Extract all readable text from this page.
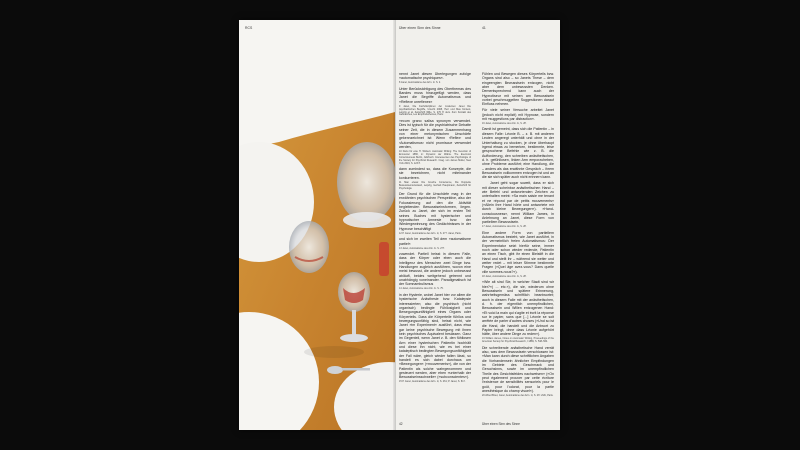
RCS	Über einen Sinn des Sinne	41

nennt Janet diesen Überlegungen zufolge »automatische psychiques«.

8 Janet, Automatisme des Artn. 1i. S. 2.

Unter Berücksichtigung des Oberthemas des Bandes muss hinzugefügt werden, dass Janet die Begriffe Automatismus und »Reflexe unreflexes«

9 Janet, Die Fachdisziplinen der modernen Janet Die psychiatrischen Begriffe, Utrecht 2008, Herr und Mas Kontext, Leipzig et al. Zeitschrift Wille, S. 276 ff; ders. Zum Kontakt des Gebrauches, Les Empfindschemes, Paris.

»ecum grano salisa synonym verwendet. Dies ist typisch für die psychiatrische Debatte seiner Zeit, die in diesem Zusammenhang von einer metonymischen Unschärfe gekennzeichnet ist: Wenn ›Reflex‹ und ›Automatismus‹ nicht promiscue verwendet werden,

10 Dazu für eine H. Wickert. Automatic Writing: The Invention of Encounter 1880, in: Dynamic der Wahre. The Evermost Consciousness Berlin, Jahrbuch. Interessenten des Psychologie of the Society for Psychical Research. Imag. von James Muller, New York 2019, S. 123 ff.

dann zumindest so, dass die Konzepte, die sie bezeichnen, nicht miteinander konkurrieren.

11 Man etwas: Die Couche Conscience, Die Doppelte Bewusstseinszustand, Leipzig, Gerhart Hauptmann, Zeitschrift für Psychologie

Der Grund für die Unschärfe mag in der erwähnten psychischen Perspektive, also der Fokussierung auf den die Aktivität begleitenden Bewusstseinsformen, liegen. Zurück zu Janet, der sich im ersten Teil seines Buches mit hysterischer und hypnotischer Amnesie bzw. der Wiedergewinnung des Gedächtnisses in der Hypnose beschäftigt

12 P. Janet, Automatisme des Artn. 1i, S. 277. Janet, Paris.

und sich im zweiten Teil dem »automatisme partiel«

13 Janet, Automatisme des Artn. 1i. S. 277.

zuwendet. Partiell heisst in diesem Falle, dass der Körper oder eben auch die Intelligenz des Menschen zwei Dinge bzw. Handlungen zugleich ausführen, wovon eine meist bewusst, die andere jedoch unbewusst abläuft, beides weitgehend getrennt und unabhängig voneinander. Paradigmatisch ist der Somnambulismus

14 Janet, Automatisme des Artn. 1i. S. 75.

in der Hysterie, wobei Janet hier vor allem die hysterische Anästhesie bzw. Katalepsie interessierten; also die psychisch (nicht organisch) bedingte Fühllosigkeit und Bewegungsunfähigkeit eines Organs oder Körperteils. Dass die Körperteile fühllos und bewegungsunfähig sind, heisst nicht, wie Janet »im Experiment« ausführt, dass etwa gar keine psychische Bewegung mit ihnen kein psychisches Äquivalent besässen. Ganz im Gegenteil, wenn Janet z. B. den fühllosen Arm einer hysterischen Patientin hochhält und diese ihn nicht, wie es bei einer kataleptisch bedingten Bewegungsunfähigkeit der Fall wäre, gleich wieder fallen lässt, so handelt es sich dabei durchaus um »Bewegungen« (»mouvements«), die von der Patientin als solche wahrgenommen und gesteuert werden, aber eben »unterhalb der Bewusstseinsschwelle« (»subconscientes«).

15 P. Janet, Automatisme des Artn. 1i, S. 261; P. Janet, S. 84 f.

Fühlen und Bewegen dieses Körperteils bzw. Organs sind also – so Janets These – dem eingeengten Bewusstsein entzogen, nicht aber dem unbewussten Denken. Dementsprechend kann auch der Hypnotiseur mit seinen am Bewusstsein vorbei geschmuggelten Suggestionen darauf Einfluss nehmen.

Für viele seiner Versuche arbeitet Janet (jedoch nicht explizit) mit Hypnose, sondern mit »suggestions par distraction«.

16 Janet, Automatisme des Artn. 1i, S. 2ff.

Damit ist gemeint, dass sich die Patientin – in diesem Falle: Léonie B. – z. B. mit anderen Leuten angeregt unterhält und ohne in der Unterhaltung zu stocken, je ohne überhaupt irgend etwas zu bemerken, bestimmte, leise gesprochene Befehle wie z. B. die Aufforderung, den schreiben anästhetischen, d. h. gefühllosen, linken Arm emporzuheben, ohne Probleme ausführt; eine Handlung, die – anders als das erwähnte Gespräch – ihrem Bewusstsein vollkommen entzogen ist und an die sie sich später auch nicht erinnern kann.

Janet geht sogar soweit, dass er sich mit dieser scheinbar anästhetischen Hand – wie Befehl und antwortenden Zeichen zu unterhalten meint: »Sa main saisie me tenant et ne répond par de petits mouvements« (»Allein ihre Hand hörte und antwortete mir durch kleine Bewegungen«). »Hand-consciousness«, nennt William James, in Anlehnung an Janet, diese Form von partiellem Bewusstsein.

17 Janet, Automatisme des Artn. 1i, S. 2ff.

Eine andere Form von partiellem Automatismus besteht, wie Janet ausführt, in der vermeintlich freien Automatismus: Der Experimentator setzt hierfür seine, immer noch oder schon wieder redende, Patientin an einen Tisch, gibt ihr einen Bleistift in die Hand und stellt ihr – während sie weiter und weiter redet – mit leiser Stimme bestimmte Fragen (»Quel âge avez-vous? Dans quelle ville sommes-nous?«).

18 Janet, Automatisme des Artn. 1i, S. 2ff.

»Wie alt sind Sie, in welcher Stadt sind wir hier?«) ... etc.«), die sie, wiederum ohne Bewusstsein und spätere Erinnerung, wahrheitsgemäss schriftlich beantwortet; auch in diesem Falle mit der anästhetischen, d. h. der eigentlich unempfindlichen, Bewusstsein und Willen entzogenen Hand: »Et voici la main qui s'agite et écrit la réponse sur le papier, sans que [...] Léonie se soit arrêtée de parler d'autres choses (»Und so ist die Hand, die handelt und die Antwort zu Papier bringt, ohne dass Léonie aufgehört hätte, über andere Dinge zu reden«).

19 William James, Notes on Automatic Writing, Proceedings of the American Society for Psychical Research, I 1889, S. 548–564.

Die schreibende anästhetische Hand verrät also, was dem Bewusstsein verschlossen ist: »Man kann durch diese schriftlichen Angaben die Vorhandensein ähnlicher Empfindungen im Gebiete des Geschmack und Geruchsinns, sowie im unempfindlichen Theile des Gesichtsfeldes nachweisen« (»On peut également prouver par cette écriture l'existence de sensibilités sensoriels pour le goût, pour l'odorat, pour la partie anesthésique du champ visuel«).

20 Alfred Binet, Janet, Automatisme des Artn. 1i, S. 2ff. Lhiht, Paris.

42	Über einen Sinn des Sinne
